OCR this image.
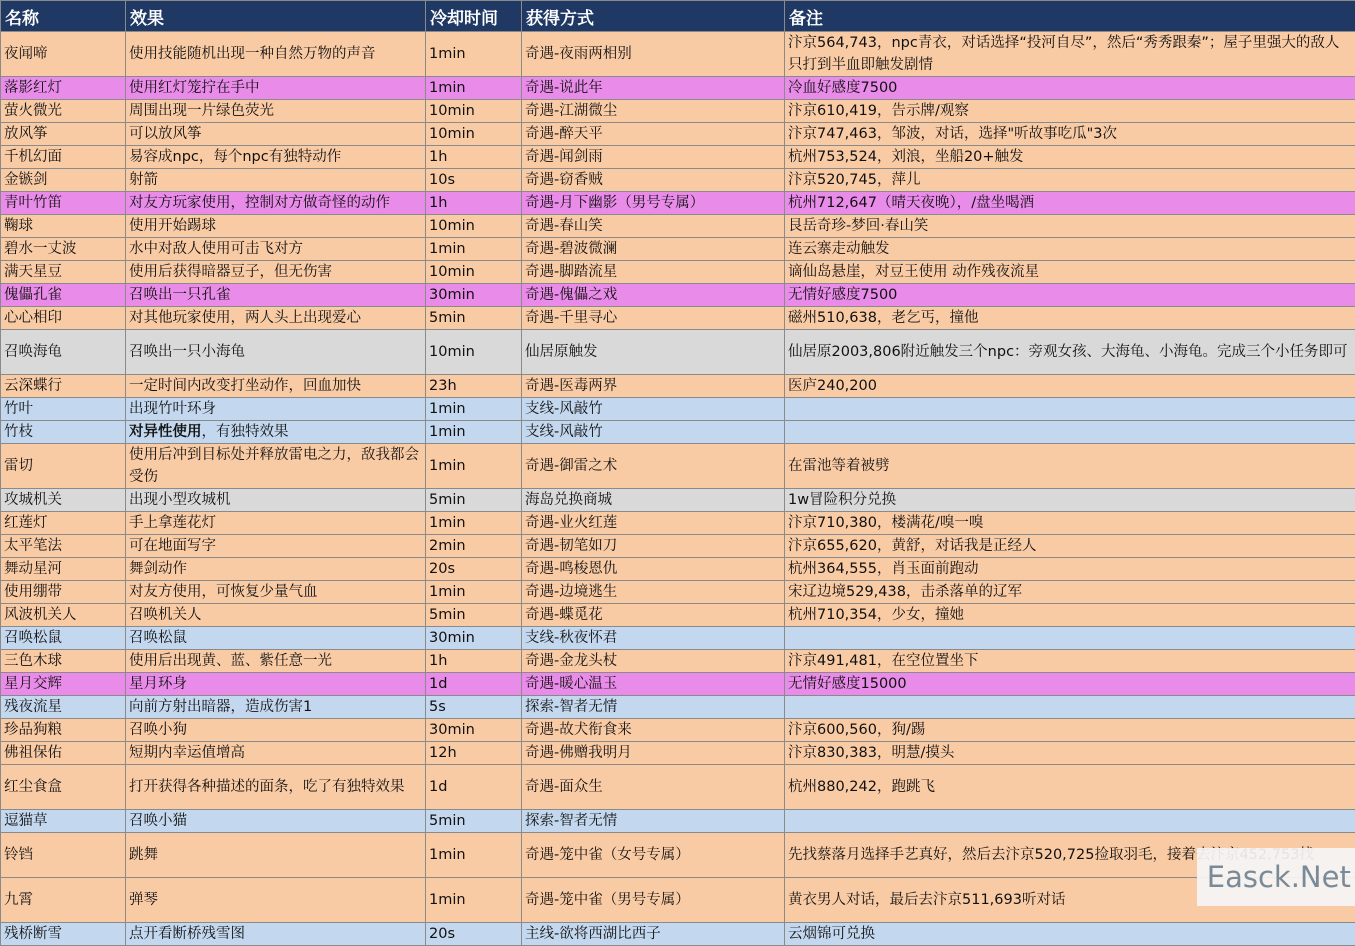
名称	效果	冷却时间	获得方式	备注
夜闻啼	使用技能随机出现一种自然万物的声音	1min	奇遇-夜雨两相别	汴京564,743，npc青衣，对话选择“投河自尽”，然后“秀秀跟秦”；屋子里强大的敌人只打到半血即触发剧情
落影红灯	使用红灯笼拧在手中	1min	奇遇-说此年	冷血好感度7500
萤火微光	周围出现一片绿色荧光	10min	奇遇-江湖微尘	汴京610,419，告示牌/观察
放风筝	可以放风筝	10min	奇遇-醉天平	汴京747,463，邹波，对话，选择"听故事吃瓜"3次
千机幻面	易容成npc，每个npc有独特动作	1h	奇遇-闻剑雨	杭州753,524，刘浪，坐船20+触发
金镞剑	射箭	10s	奇遇-窃香贼	汴京520,745，萍儿
青叶竹笛	对友方玩家使用，控制对方做奇怪的动作	1h	奇遇-月下幽影（男号专属）	杭州712,647（晴天夜晚），/盘坐喝酒
鞠球	使用开始踢球	10min	奇遇-春山笑	艮岳奇珍-梦回·春山笑
碧水一丈波	水中对敌人使用可击飞对方	1min	奇遇-碧波微澜	连云寨走动触发
满天星豆	使用后获得暗器豆子，但无伤害	10min	奇遇-脚踏流星	谪仙岛悬崖，对豆王使用 动作残夜流星
傀儡孔雀	召唤出一只孔雀	30min	奇遇-傀儡之戏	无情好感度7500
心心相印	对其他玩家使用，两人头上出现爱心	5min	奇遇-千里寻心	磁州510,638，老乞丐，撞他
召唤海龟	召唤出一只小海龟	10min	仙居原触发	仙居原2003,806附近触发三个npc：旁观女孩、大海龟、小海龟。完成三个小任务即可
云深蝶行	一定时间内改变打坐动作，回血加快	23h	奇遇-医毒两界	医庐240,200
竹叶	出现竹叶环身	1min	支线-风敲竹	
竹枝	对异性使用，有独特效果	1min	支线-风敲竹	
雷切	使用后冲到目标处并释放雷电之力，敌我都会受伤	1min	奇遇-御雷之术	在雷池等着被劈
攻城机关	出现小型攻城机	5min	海岛兑换商城	1w冒险积分兑换
红莲灯	手上拿莲花灯	1min	奇遇-业火红莲	汴京710,380，楼满花/嗅一嗅
太平笔法	可在地面写字	2min	奇遇-韧笔如刀	汴京655,620，黄舒，对话我是正经人
舞动星河	舞剑动作	20s	奇遇-鸣梭恩仇	杭州364,555，肖玉面前跑动
使用绷带	对友方使用，可恢复少量气血	1min	奇遇-边境逃生	宋辽边境529,438，击杀落单的辽军
风波机关人	召唤机关人	5min	奇遇-蝶觅花	杭州710,354，少女，撞她
召唤松鼠	召唤松鼠	30min	支线-秋夜怀君	
三色木球	使用后出现黄、蓝、紫任意一光	1h	奇遇-金龙头杖	汴京491,481，在空位置坐下
星月交辉	星月环身	1d	奇遇-暖心温玉	无情好感度15000
残夜流星	向前方射出暗器，造成伤害1	5s	探索-智者无情	
珍品狗粮	召唤小狗	30min	奇遇-故犬衔食来	汴京600,560，狗/踢
佛祖保佑	短期内幸运值增高	12h	奇遇-佛赠我明月	汴京830,383，明慧/摸头
红尘食盒	打开获得各种描述的面条，吃了有独特效果	1d	奇遇-面众生	杭州880,242，跑跳飞
逗猫草	召唤小猫	5min	探索-智者无情	
铃铛	跳舞	1min	奇遇-笼中雀（女号专属）	先找蔡落月选择手艺真好，然后去汴京520,725捡取羽毛，接着去汴京452,753找
九霄	弹琴	1min	奇遇-笼中雀（男号专属）	黄衣男人对话，最后去汴京511,693听对话
残桥断雪	点开看断桥残雪图	20s	主线-欲将西湖比西子	云烟锦可兑换	Easck.Net
